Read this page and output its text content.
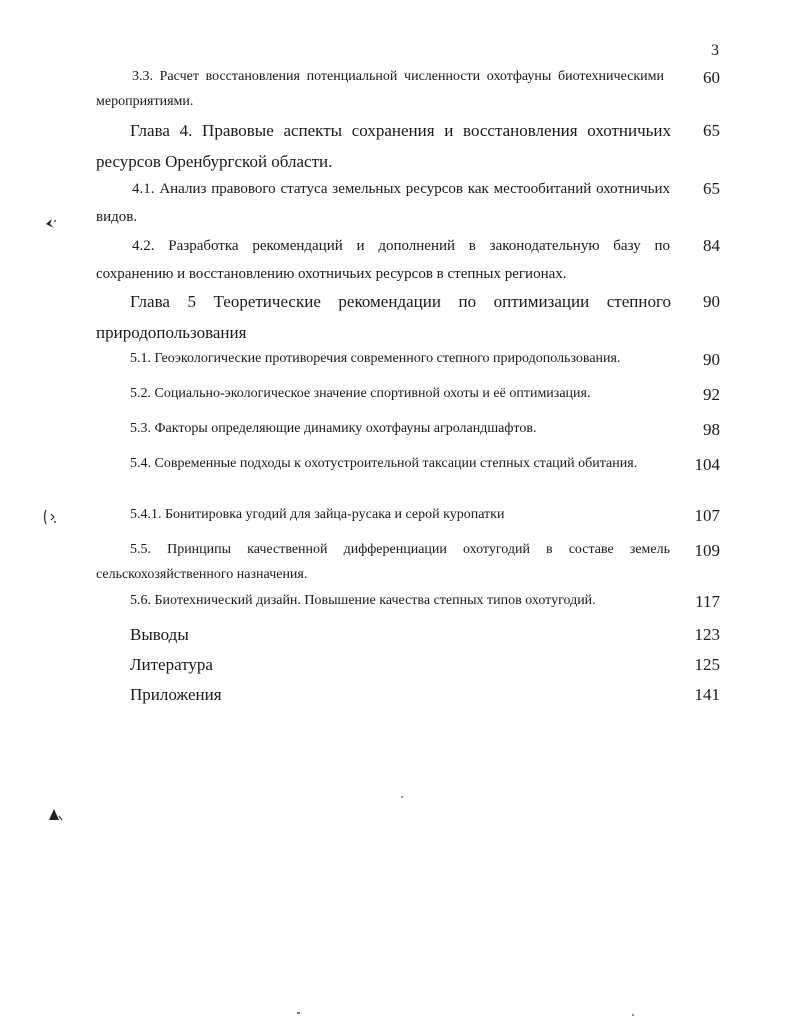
3
3.3. Расчет восстановления потенциальной численности охотфауны биотехническими мероприятиями.
60
Глава 4. Правовые аспекты сохранения и восстановления охотничьих ресурсов Оренбургской области.
65
4.1. Анализ правового статуса земельных ресурсов как местообитаний охотничьих видов.
65
4.2. Разработка рекомендаций и дополнений в законодательную базу по сохранению и восстановлению охотничьих ресурсов в степных регионах.
84
Глава 5 Теоретические рекомендации по оптимизации степного природопользования
90
5.1. Геоэкологические противоречия современного степного природопользования.	90
5.2. Социально-экологическое значение спортивной охоты и её оптимизация.	92
5.3. Факторы определяющие динамику охотфауны агроландшафтов.	98
5.4. Современные подходы к охотустроительной таксации степных стаций обитания.	104
5.4.1. Бонитировка угодий для зайца-русака и серой куропатки	107
5.5. Принципы качественной дифференциации охотугодий в составе земель сельскохозяйственного назначения.
109
5.6. Биотехнический дизайн. Повышение качества степных типов охотугодий.	117
Выводы	123
Литература	125
Приложения	141
